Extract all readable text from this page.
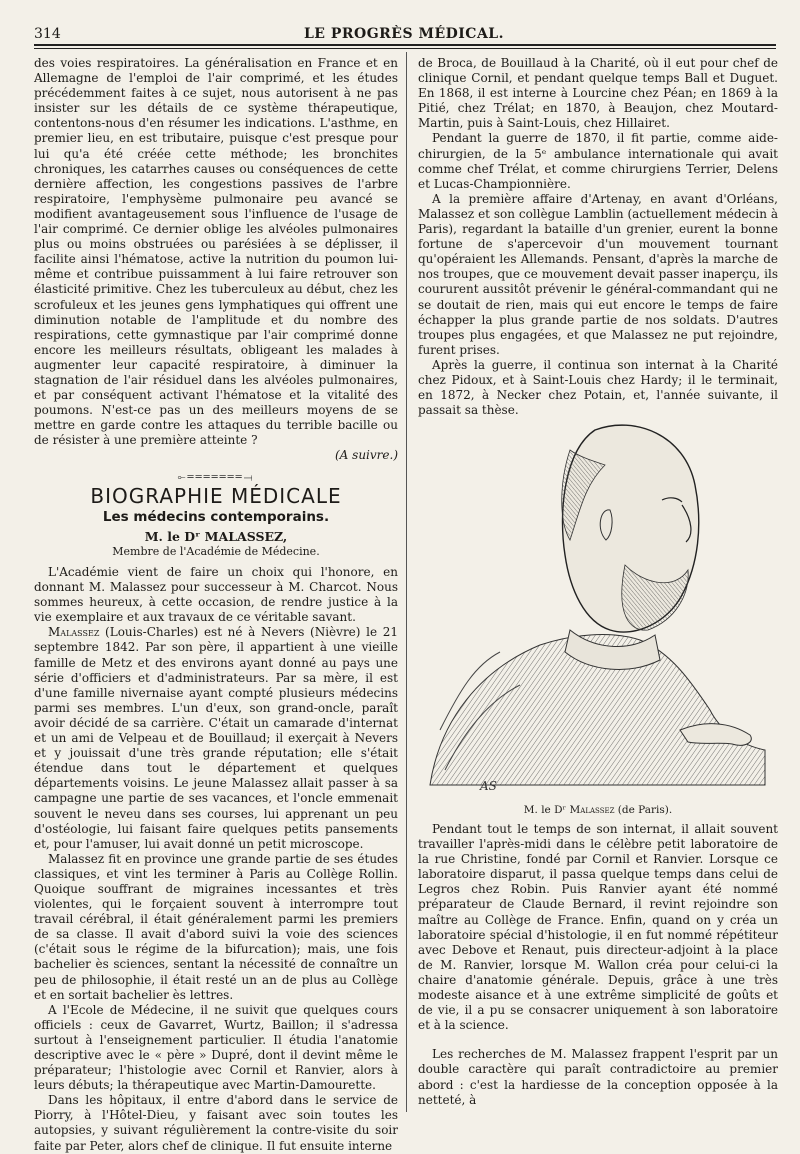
314	LE PROGRÈS MÉDICAL.

des voies respiratoires. La généralisation en France et en Allemagne de l'emploi de l'air comprimé, et les études précédemment faites à ce sujet, nous autorisent à ne pas insister sur les détails de ce système thérapeutique, contentons-nous d'en résumer les indications. L'asthme, en premier lieu, en est tributaire, puisque c'est presque pour lui qu'a été créée cette méthode; les bronchites chroniques, les catarrhes causes ou conséquences de cette dernière affection, les congestions passives de l'arbre respiratoire, l'emphysème pulmonaire peu avancé se modifient avantageusement sous l'influence de l'usage de l'air comprimé. Ce dernier oblige les alvéoles pulmonaires plus ou moins obstruées ou parésiées à se déplisser, il facilite ainsi l'hématose, active la nutrition du poumon lui-même et contribue puissamment à lui faire retrouver son élasticité primitive. Chez les tuberculeux au début, chez les scrofuleux et les jeunes gens lymphatiques qui offrent une diminution notable de l'amplitude et du nombre des respirations, cette gymnastique par l'air comprimé donne encore les meilleurs résultats, obligeant les malades à augmenter leur capacité respiratoire, à diminuer la stagnation de l'air résiduel dans les alvéoles pulmonaires, et par conséquent activant l'hématose et la vitalité des poumons. N'est-ce pas un des meilleurs moyens de se mettre en garde contre les attaques du terrible bacille ou de résister à une première atteinte ?

(A suivre.)

⟜═══════⟞
BIOGRAPHIE MÉDICALE
Les médecins contemporains.
M. le Dʳ MALASSEZ,
Membre de l'Académie de Médecine.

L'Académie vient de faire un choix qui l'honore, en donnant M. Malassez pour successeur à M. Charcot. Nous sommes heureux, à cette occasion, de rendre justice à la vie exemplaire et aux travaux de ce véritable savant.

Malassez (Louis-Charles) est né à Nevers (Nièvre) le 21 septembre 1842. Par son père, il appartient à une vieille famille de Metz et des environs ayant donné au pays une série d'officiers et d'administrateurs. Par sa mère, il est d'une famille nivernaise ayant compté plusieurs médecins parmi ses membres. L'un d'eux, son grand-oncle, paraît avoir décidé de sa carrière. C'était un camarade d'internat et un ami de Velpeau et de Bouillaud; il exerçait à Nevers et y jouissait d'une très grande réputation; elle s'était étendue dans tout le département et quelques départements voisins. Le jeune Malassez allait passer à sa campagne une partie de ses vacances, et l'oncle emmenait souvent le neveu dans ses courses, lui apprenant un peu d'ostéologie, lui faisant faire quelques petits pansements et, pour l'amuser, lui avait donné un petit microscope.

Malassez fit en province une grande partie de ses études classiques, et vint les terminer à Paris au Collège Rollin. Quoique souffrant de migraines incessantes et très violentes, qui le forçaient souvent à interrompre tout travail cérébral, il était généralement parmi les premiers de sa classe. Il avait d'abord suivi la voie des sciences (c'était sous le régime de la bifurcation); mais, une fois bachelier ès sciences, sentant la nécessité de connaître un peu de philosophie, il était resté un an de plus au Collège et en sortait bachelier ès lettres.

A l'Ecole de Médecine, il ne suivit que quelques cours officiels : ceux de Gavarret, Wurtz, Baillon; il s'adressa surtout à l'enseignement particulier. Il étudia l'anatomie descriptive avec le « père » Dupré, dont il devint même le préparateur; l'histologie avec Cornil et Ranvier, alors à leurs débuts; la thérapeutique avec Martin-Damourette.

Dans les hôpitaux, il entre d'abord dans le service de Piorry, à l'Hôtel-Dieu, y faisant avec soin toutes les autopsies, y suivant régulièrement la contre-visite du soir faite par Peter, alors chef de clinique. Il fut ensuite interne

de Broca, de Bouillaud à la Charité, où il eut pour chef de clinique Cornil, et pendant quelque temps Ball et Duguet. En 1868, il est interne à Lourcine chez Péan; en 1869 à la Pitié, chez Trélat; en 1870, à Beaujon, chez Moutard-Martin, puis à Saint-Louis, chez Hillairet.

Pendant la guerre de 1870, il fit partie, comme aide-chirurgien, de la 5ᵉ ambulance internationale qui avait comme chef Trélat, et comme chirurgiens Terrier, Delens et Lucas-Championnière.

A la première affaire d'Artenay, en avant d'Orléans, Malassez et son collègue Lamblin (actuellement médecin à Paris), regardant la bataille d'un grenier, eurent la bonne fortune de s'apercevoir d'un mouvement tournant qu'opéraient les Allemands. Pensant, d'après la marche de nos troupes, que ce mouvement devait passer inaperçu, ils coururent aussitôt prévenir le général-commandant qui ne se doutait de rien, mais qui eut encore le temps de faire échapper la plus grande partie de nos soldats. D'autres troupes plus engagées, et que Malassez ne put rejoindre, furent prises.

Après la guerre, il continua son internat à la Charité chez Pidoux, et à Saint-Louis chez Hardy; il le terminait, en 1872, à Necker chez Potain, et, l'année suivante, il passait sa thèse.

AS
M. le Dʳ Malassez (de Paris).

Pendant tout le temps de son internat, il allait souvent travailler l'après-midi dans le célèbre petit laboratoire de la rue Christine, fondé par Cornil et Ranvier. Lorsque ce laboratoire disparut, il passa quelque temps dans celui de Legros chez Robin. Puis Ranvier ayant été nommé préparateur de Claude Bernard, il revint rejoindre son maître au Collège de France. Enfin, quand on y créa un laboratoire spécial d'histologie, il en fut nommé répétiteur avec Debove et Renaut, puis directeur-adjoint à la place de M. Ranvier, lorsque M. Wallon créa pour celui-ci la chaire d'anatomie générale. Depuis, grâce à une très modeste aisance et à une extrême simplicité de goûts et de vie, il a pu se consacrer uniquement à son laboratoire et à la science.

Les recherches de M. Malassez frappent l'esprit par un double caractère qui paraît contradictoire au premier abord : c'est la hardiesse de la conception opposée à la netteté, à
